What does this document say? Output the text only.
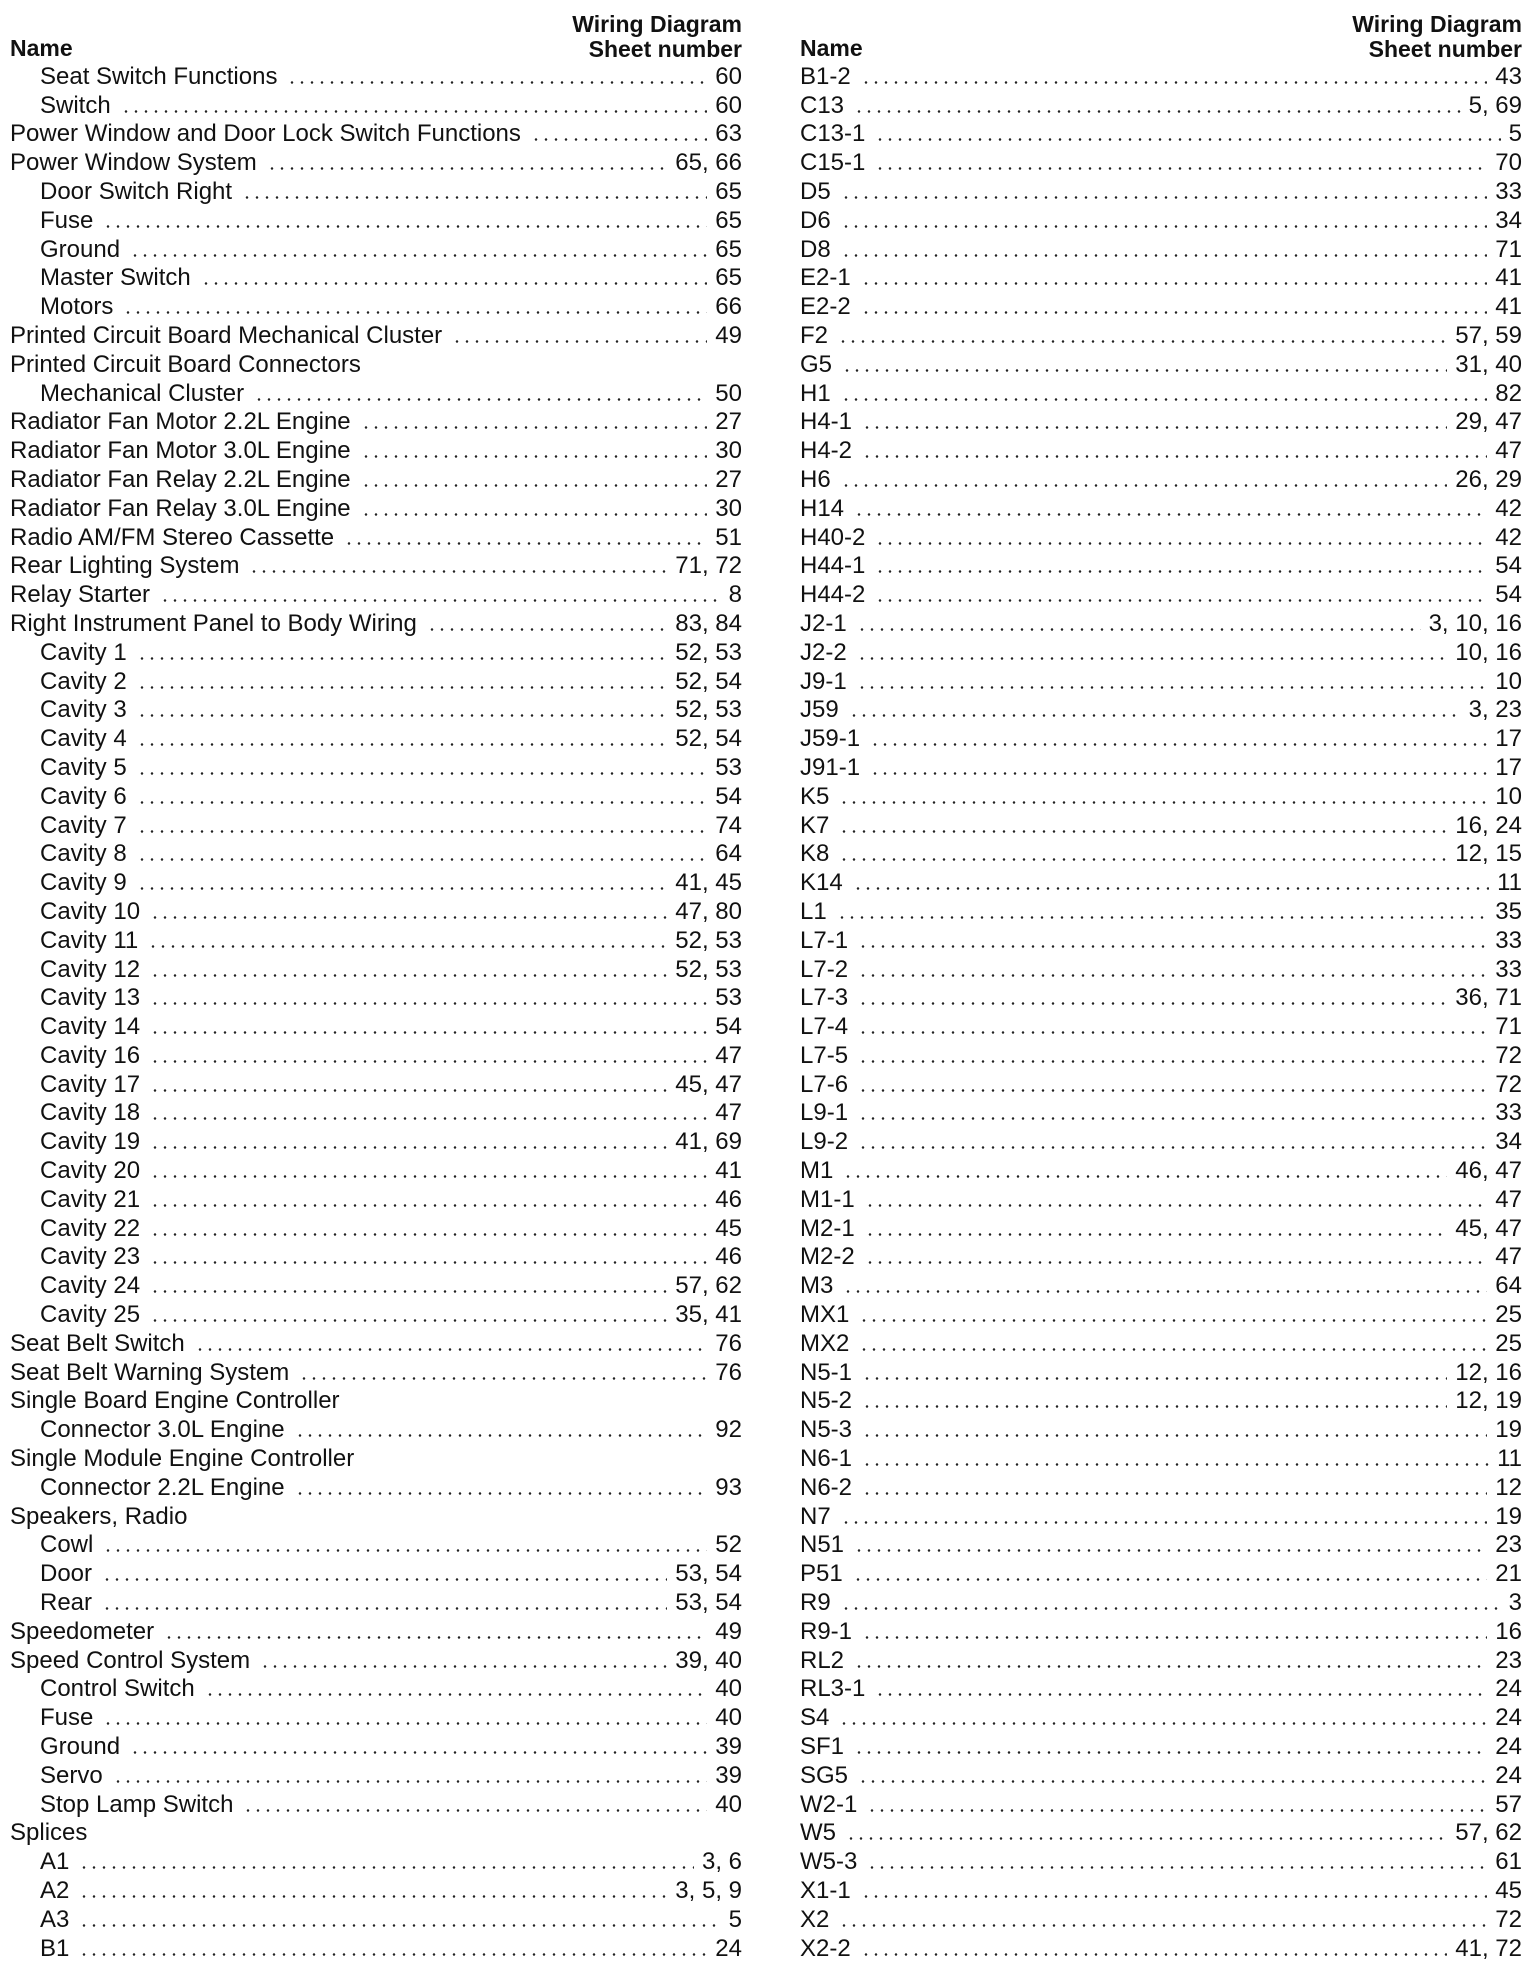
Name
Wiring Diagram
Sheet number
Seat Switch Functions	60
Switch	60
Power Window and Door Lock Switch Functions	63
Power Window System	65, 66
Door Switch Right	65
Fuse	65
Ground	65
Master Switch	65
Motors	66
Printed Circuit Board Mechanical Cluster	49
Printed Circuit Board Connectors
Mechanical Cluster	50
Radiator Fan Motor 2.2L Engine	27
Radiator Fan Motor 3.0L Engine	30
Radiator Fan Relay 2.2L Engine	27
Radiator Fan Relay 3.0L Engine	30
Radio AM/FM Stereo Cassette	51
Rear Lighting System	71, 72
Relay Starter	8
Right Instrument Panel to Body Wiring	83, 84
Cavity 1	52, 53
Cavity 2	52, 54
Cavity 3	52, 53
Cavity 4	52, 54
Cavity 5	53
Cavity 6	54
Cavity 7	74
Cavity 8	64
Cavity 9	41, 45
Cavity 10	47, 80
Cavity 11	52, 53
Cavity 12	52, 53
Cavity 13	53
Cavity 14	54
Cavity 16	47
Cavity 17	45, 47
Cavity 18	47
Cavity 19	41, 69
Cavity 20	41
Cavity 21	46
Cavity 22	45
Cavity 23	46
Cavity 24	57, 62
Cavity 25	35, 41
Seat Belt Switch	76
Seat Belt Warning System	76
Single Board Engine Controller
Connector 3.0L Engine	92
Single Module Engine Controller
Connector 2.2L Engine	93
Speakers, Radio
Cowl	52
Door	53, 54
Rear	53, 54
Speedometer	49
Speed Control System	39, 40
Control Switch	40
Fuse	40
Ground	39
Servo	39
Stop Lamp Switch	40
Splices
A1	3, 6
A2	3, 5, 9
A3	5
B1	24
Name
Wiring Diagram
Sheet number
B1-2	43
C13	5, 69
C13-1	5
C15-1	70
D5	33
D6	34
D8	71
E2-1	41
E2-2	41
F2	57, 59
G5	31, 40
H1	82
H4-1	29, 47
H4-2	47
H6	26, 29
H14	42
H40-2	42
H44-1	54
H44-2	54
J2-1	3, 10, 16
J2-2	10, 16
J9-1	10
J59	3, 23
J59-1	17
J91-1	17
K5	10
K7	16, 24
K8	12, 15
K14	11
L1	35
L7-1	33
L7-2	33
L7-3	36, 71
L7-4	71
L7-5	72
L7-6	72
L9-1	33
L9-2	34
M1	46, 47
M1-1	47
M2-1	45, 47
M2-2	47
M3	64
MX1	25
MX2	25
N5-1	12, 16
N5-2	12, 19
N5-3	19
N6-1	11
N6-2	12
N7	19
N51	23
P51	21
R9	3
R9-1	16
RL2	23
RL3-1	24
S4	24
SF1	24
SG5	24
W2-1	57
W5	57, 62
W5-3	61
X1-1	45
X2	72
X2-2	41, 72
